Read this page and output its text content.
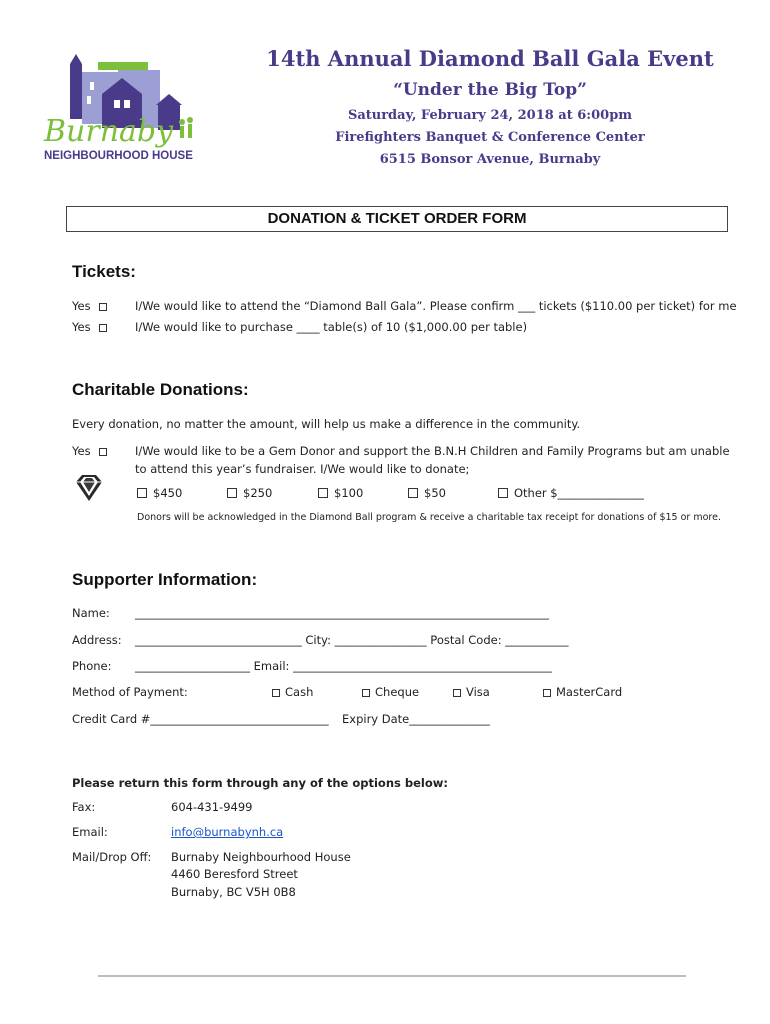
Burnaby
NEIGHBOURHOOD HOUSE
14th Annual Diamond Ball Gala Event
“Under the Big Top”
Saturday, February 24, 2018 at 6:00pm
Firefighters Banquet & Conference Center
6515 Bonsor Avenue, Burnaby
DONATION & TICKET ORDER FORM
Tickets:
Yes	I/We would like to attend the “Diamond Ball Gala”. Please confirm ___ tickets ($110.00 per ticket) for me
Yes	I/We would like to purchase ____ table(s) of 10 ($1,000.00 per table)
Charitable Donations:
Every donation, no matter the amount, will help us make a difference in the community.
Yes	I/We would like to be a Gem Donor and support the B.N.H Children and Family Programs but am unable
to attend this year’s fundraiser. I/We would like to donate;
$450	$250	$100	$50	Other $_______________
Donors will be acknowledged in the Diamond Ball program & receive a charitable tax receipt for donations of $15 or more.
Supporter Information:
Name: ________________________________________________________________________
Address: _____________________________ City: ________________ Postal Code: ___________
Phone: ____________________ Email: _____________________________________________
Method of Payment:	Cash	Cheque	Visa	MasterCard
Credit Card #_______________________________ Expiry Date______________
Please return this form through any of the options below:
Fax:	604-431-9499
Email:	info@burnabynh.ca
Mail/Drop Off: Burnaby Neighbourhood House
4460 Beresford Street
Burnaby, BC V5H 0B8
